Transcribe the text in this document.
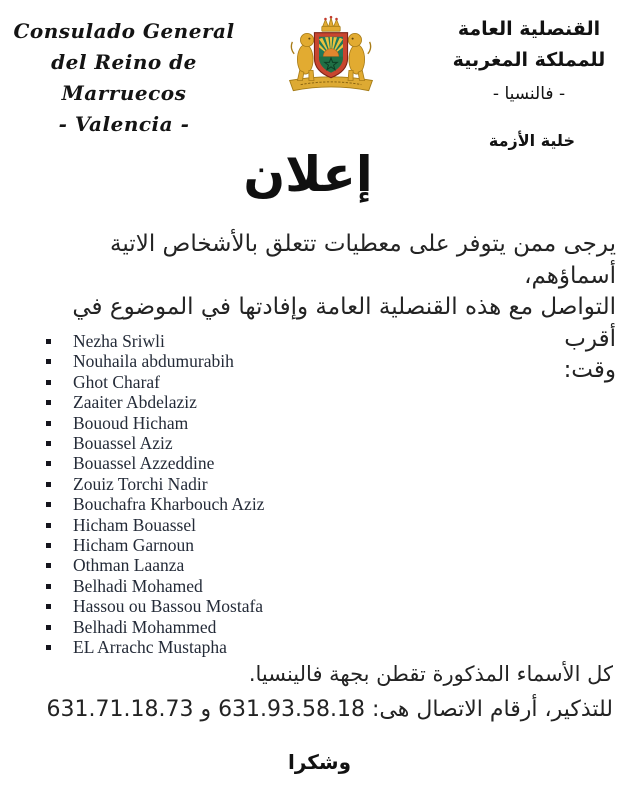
Consulado General
del Reino de Marruecos
- Valencia -
القنصلية العامة
للمملكة المغربية
- فالنسيا -
خلية الأزمة
إعلان
يرجى ممن يتوفر على معطيات تتعلق بالأشخاص الاتية أسماؤهم،
التواصل مع هذه القنصلية العامة وإفادتها في الموضوع في أقرب
وقت:
Nezha Sriwli
Nouhaila abdumurabih
Ghot Charaf
Zaaiter Abdelaziz
Bououd Hicham
Bouassel Aziz
Bouassel Azzeddine
Zouiz Torchi Nadir
Bouchafra Kharbouch Aziz
Hicham Bouassel
Hicham Garnoun
Othman Laanza
Belhadi Mohamed
Hassou ou Bassou Mostafa
Belhadi Mohammed
EL Arrachc Mustapha
كل الأسماء المذكورة تقطن بجهة فالينسيا.
للتذكير، أرقام الاتصال هى: 631.93.58.18 و 631.71.18.73
وشكرا
